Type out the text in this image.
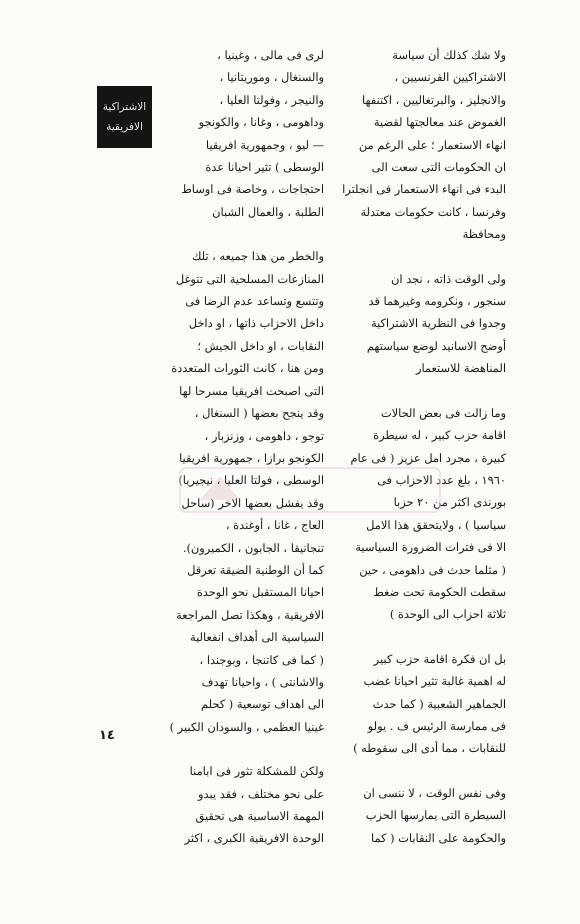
ولا شك كذلك أن سياسة

الاشتراكيين الفرنسيين ،

والانجليز ، والبرتغاليين ، اكتنفها

الغموض عند معالجتها لقضية

انهاء الاستعمار ؛ على الرغم من

ان الحكومات التى سعت الى

البدء فى انهاء الاستعمار فى انجلترا

وفرنسا ، كانت حكومات معتدلة

ومحافظة

ولى الوقت ذاته ، نجد ان

سنجور ، ونكرومه وغيرهما قد

وجدوا فى النظرية الاشتراكية

أوضح الاسانيد لوضع سياستهم

المناهضة للاستعمار

وما زالت فى بعض الحالات

اقامة حزب كبير ، له سيطرة

كبيرة ، مجرد امل عزيز ( فى عام

١٩٦٠ ، بلغ عدد الاحزاب فى

بورندى اكثر من ٢٠ حزبا

سياسيا ) ، ولايتحقق هذا الامل

الا فى فترات الضرورة السياسية

( مثلما حدث فى داهومى ، حين

سقطت الحكومة تحت ضغط

ثلاثة احزاب الى الوحدة )

بل ان فكرة اقامة حزب كبير

له اهمية غالبة تثير احيانا غضب

الجماهير الشعبية ( كما حدث

فى ممارسة الرئيس ف . يولو

للنقابات ، مما أدى الى سقوطه )

وفى نفس الوقت ، لا ننسى ان

السيطرة التى يمارسها الحزب

والحكومة على النقابات ( كما

لرى فى مالى ، وغينيا ،

والسنغال ، وموريتانيا ،

والنيجر ، وفولتا العليا ،

وداهومى ، وغانا ، والكونجو

— ليو ، وجمهورية افريقيا

الوسطى ) تثير احيانا عدة

احتجاجات ، وخاصة فى اوساط

الطلبة ، والعمال الشبان

والخطر من هذا جميعه ، تلك

المنازعات المسلحية التى تتوغل

وتتسع وتساعد عدم الرضا فى

داخل الاحزاب ذاتها ، او داخل

النقابات ، او داخل الجيش ؛

ومن هنا ، كانت الثورات المتعددة

التى اصبحت افريقيا مسرحا لها

وقد ينجح بعضها ( السنغال ،

توجو ، داهومى ، وزنزبار ،

الكونجو برازا ، جمهورية افريقيا

الوسطى ، فولتا العليا ، نيجيريا)

وقد يفشل بعضها الاخر (ساحل

العاج ، غانا ، أوغندة ،

تنجانيقا ، الجابون ، الكميرون).

كما أن الوطنية الضيقة تعرقل

احيانا المستقبل نحو الوحدة

الافريقية ، وهكذا تصل المراجعة

السياسية الى أهداف انفعالية

( كما فى كاتنجا ، وبوجندا ،

والاشانتى ) ، واحيانا تهدف

الى اهداف توسعية ( كحلم

غينيا العظمى ، والسودان الكبير )

ولكن للمشكلة تثور فى ابامنا

على نحو مختلف ، فقد يبدو

المهمة الاساسية هى تحقيق

الوحدة الافريقية الكبرى ، اكثر

الاشتراكية
الافريقية
١٤
